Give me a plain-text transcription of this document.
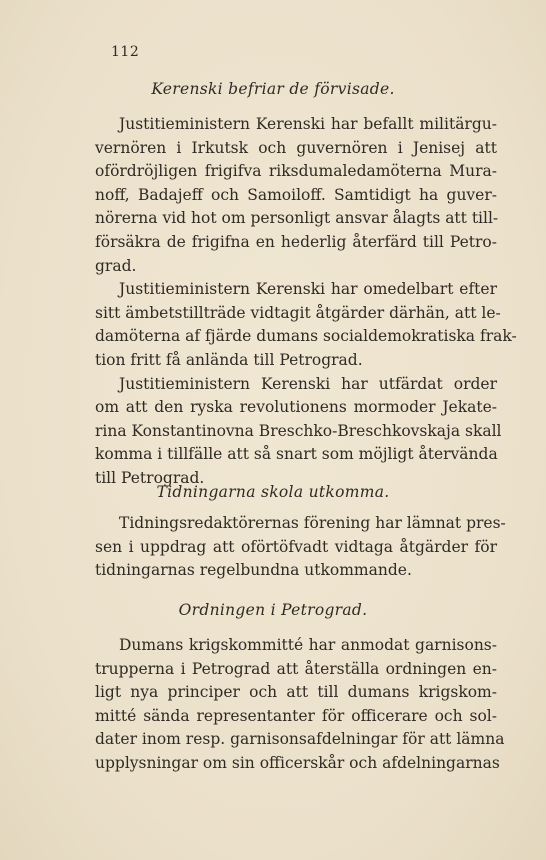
112
Kerenski befriar de förvisade.
Justitieministern Kerenski har befallt militärgu-
vernören i Irkutsk och guvernören i Jenisej att
ofördröjligen frigifva riksdumaledamöterna Mura-
noff, Badajeff och Samoiloff. Samtidigt ha guver-
nörerna vid hot om personligt ansvar ålagts att till-
försäkra de frigifna en hederlig återfärd till Petro-
grad.
Justitieministern Kerenski har omedelbart efter
sitt ämbetstillträde vidtagit åtgärder därhän, att le-
damöterna af fjärde dumans socialdemokratiska frak-
tion fritt få anlända till Petrograd.
Justitieministern Kerenski har utfärdat order
om att den ryska revolutionens mormoder Jekate-
rina Konstantinovna Breschko-Breschkovskaja skall
komma i tillfälle att så snart som möjligt återvända
till Petrograd.
Tidningarna skola utkomma.
Tidningsredaktörernas förening har lämnat pres-
sen i uppdrag att oförtöfvadt vidtaga åtgärder för
tidningarnas regelbundna utkommande.
Ordningen i Petrograd.
Dumans krigskommitté har anmodat garnisons-
trupperna i Petrograd att återställa ordningen en-
ligt nya principer och att till dumans krigskom-
mitté sända representanter för officerare och sol-
dater inom resp. garnisonsafdelningar för att lämna
upplysningar om sin officerskår och afdelningarnas
